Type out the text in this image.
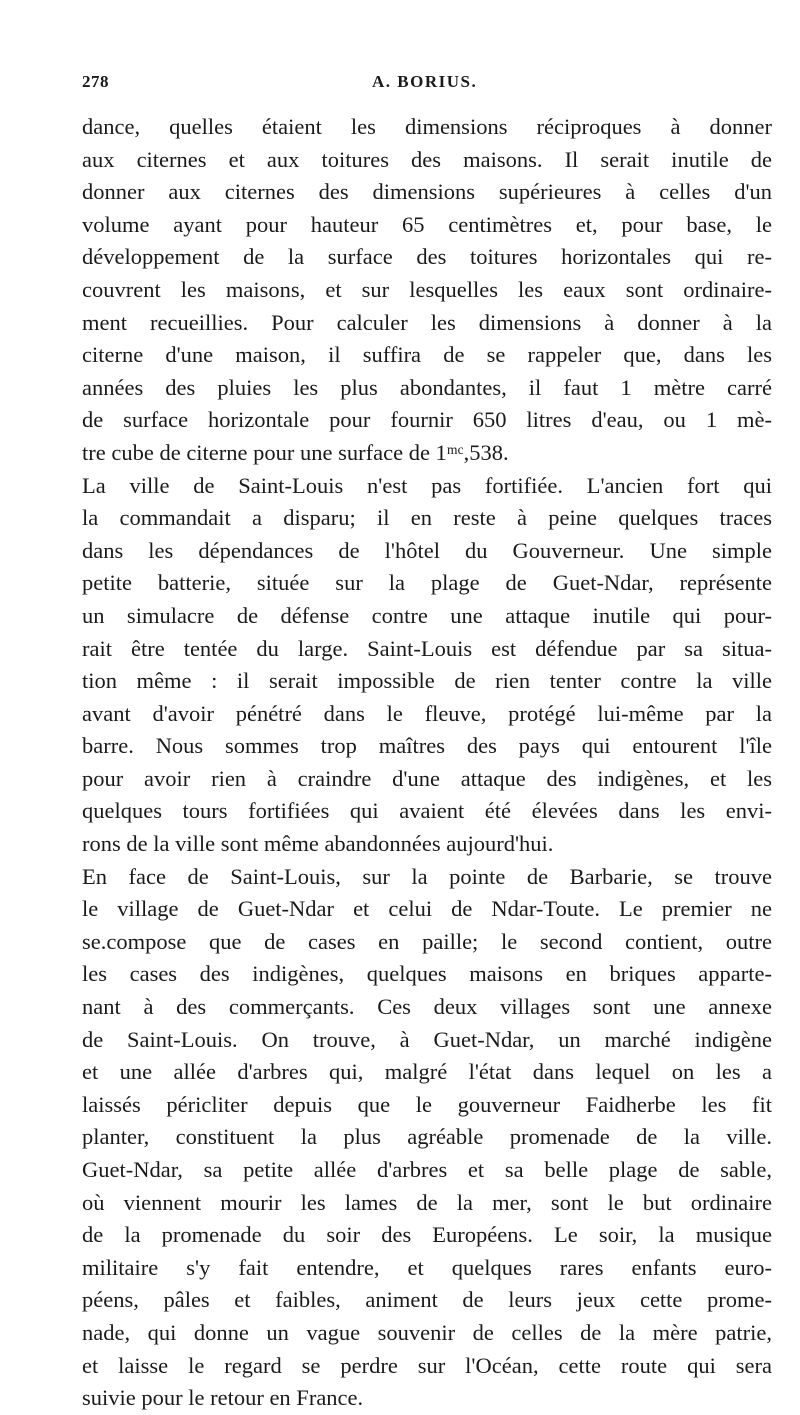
278	A. BORIUS.
dance, quelles étaient les dimensions réciproques à donner
aux citernes et aux toitures des maisons. Il serait inutile de
donner aux citernes des dimensions supérieures à celles d'un
volume ayant pour hauteur 65 centimètres et, pour base, le
développement de la surface des toitures horizontales qui re-
couvrent les maisons, et sur lesquelles les eaux sont ordinaire-
ment recueillies. Pour calculer les dimensions à donner à la
citerne d'une maison, il suffira de se rappeler que, dans les
années des pluies les plus abondantes, il faut 1 mètre carré
de surface horizontale pour fournir 650 litres d'eau, ou 1 mè-
tre cube de citerne pour une surface de 1ᵐᶜ,538.
La ville de Saint-Louis n'est pas fortifiée. L'ancien fort qui
la commandait a disparu; il en reste à peine quelques traces
dans les dépendances de l'hôtel du Gouverneur. Une simple
petite batterie, située sur la plage de Guet-Ndar, représente
un simulacre de défense contre une attaque inutile qui pour-
rait être tentée du large. Saint-Louis est défendue par sa situa-
tion même : il serait impossible de rien tenter contre la ville
avant d'avoir pénétré dans le fleuve, protégé lui-même par la
barre. Nous sommes trop maîtres des pays qui entourent l'île
pour avoir rien à craindre d'une attaque des indigènes, et les
quelques tours fortifiées qui avaient été élevées dans les envi-
rons de la ville sont même abandonnées aujourd'hui.
En face de Saint-Louis, sur la pointe de Barbarie, se trouve
le village de Guet-Ndar et celui de Ndar-Toute. Le premier ne
se.compose que de cases en paille; le second contient, outre
les cases des indigènes, quelques maisons en briques apparte-
nant à des commerçants. Ces deux villages sont une annexe
de Saint-Louis. On trouve, à Guet-Ndar, un marché indigène
et une allée d'arbres qui, malgré l'état dans lequel on les a
laissés péricliter depuis que le gouverneur Faidherbe les fit
planter, constituent la plus agréable promenade de la ville.
Guet-Ndar, sa petite allée d'arbres et sa belle plage de sable,
où viennent mourir les lames de la mer, sont le but ordinaire
de la promenade du soir des Européens. Le soir, la musique
militaire s'y fait entendre, et quelques rares enfants euro-
péens, pâles et faibles, animent de leurs jeux cette prome-
nade, qui donne un vague souvenir de celles de la mère patrie,
et laisse le regard se perdre sur l'Océan, cette route qui sera
suivie pour le retour en France.
